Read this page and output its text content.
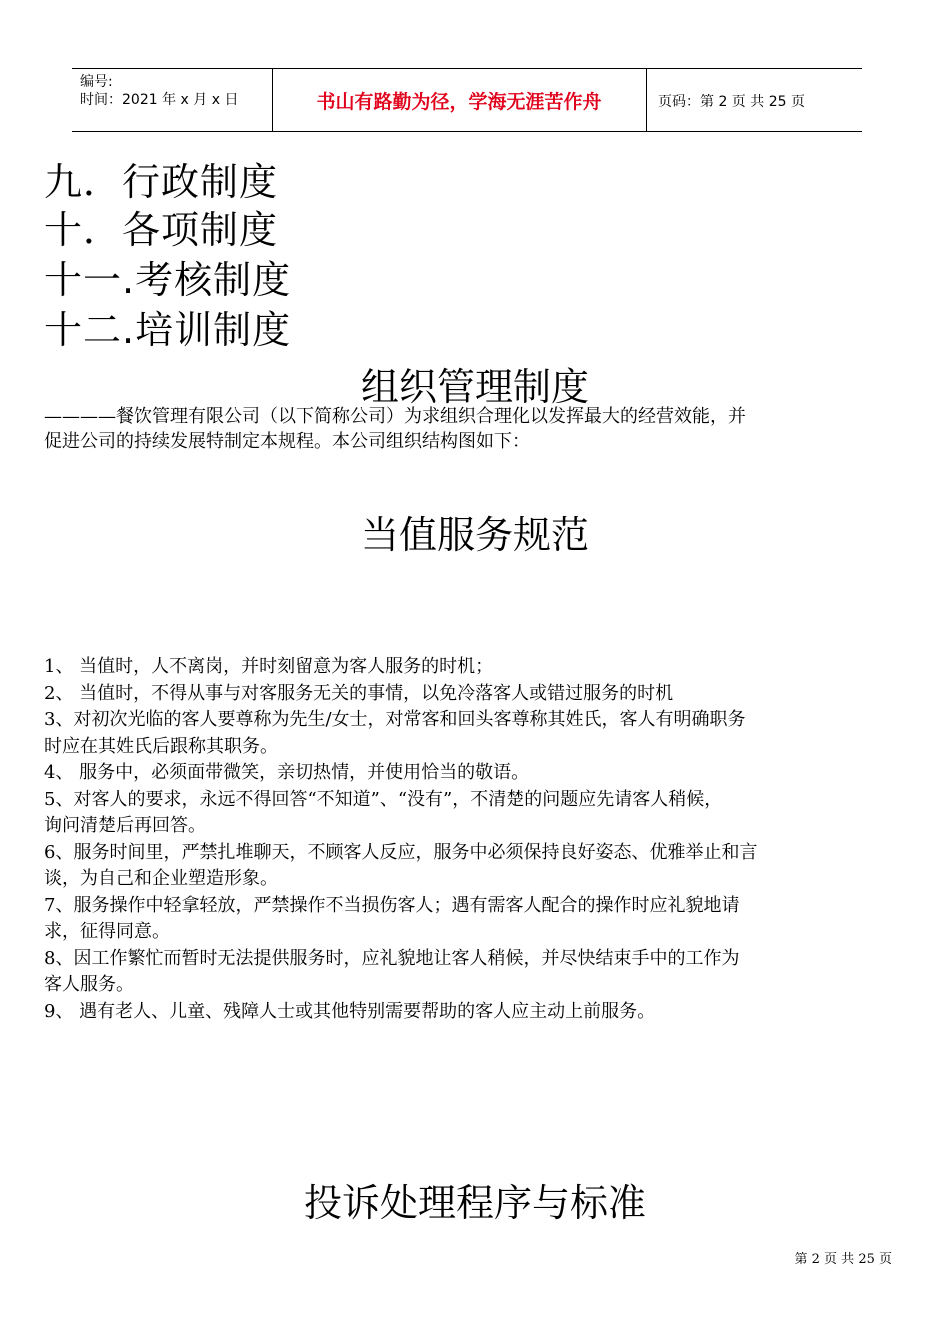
编号:
时间：2021 年 x 月 x 日	书山有路勤为径，学海无涯苦作舟	页码：第 2 页 共 25 页
九．行政制度
十．各项制度
十一.考核制度
十二.培训制度
组织管理制度
————餐饮管理有限公司（以下简称公司）为求组织合理化以发挥最大的经营效能，并
促进公司的持续发展特制定本规程。本公司组织结构图如下：
当值服务规范

1、 当值时，人不离岗，并时刻留意为客人服务的时机；

2、 当值时，不得从事与对客服务无关的事情，以免冷落客人或错过服务的时机

3、对初次光临的客人要尊称为先生/女士，对常客和回头客尊称其姓氏，客人有明确职务

时应在其姓氏后跟称其职务。

4、 服务中，必须面带微笑，亲切热情，并使用恰当的敬语。

5、对客人的要求，永远不得回答“不知道”、“没有”，不清楚的问题应先请客人稍候，

询问清楚后再回答。

6、服务时间里，严禁扎堆聊天，不顾客人反应，服务中必须保持良好姿态、优雅举止和言

谈，为自己和企业塑造形象。

7、服务操作中轻拿轻放，严禁操作不当损伤客人；遇有需客人配合的操作时应礼貌地请

求，征得同意。

8、因工作繁忙而暂时无法提供服务时，应礼貌地让客人稍候，并尽快结束手中的工作为

客人服务。

9、 遇有老人、儿童、残障人士或其他特别需要帮助的客人应主动上前服务。

投诉处理程序与标准
第 2 页 共 25 页
